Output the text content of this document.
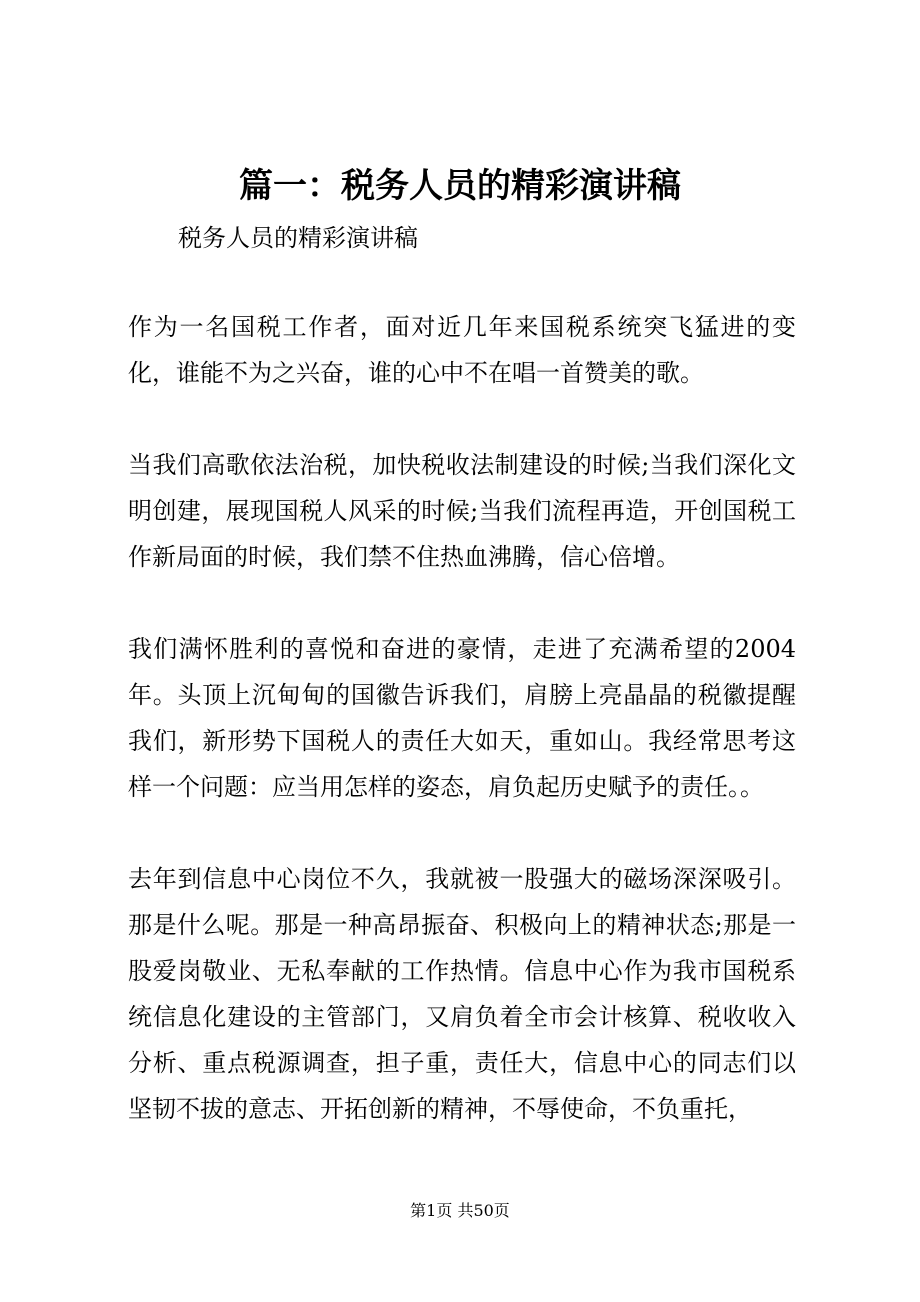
篇一：税务人员的精彩演讲稿

税务人员的精彩演讲稿

作为一名国税工作者，面对近几年来国税系统突飞猛进的变化，谁能不为之兴奋，谁的心中不在唱一首赞美的歌。

当我们高歌依法治税，加快税收法制建设的时候;当我们深化文明创建，展现国税人风采的时候;当我们流程再造，开创国税工作新局面的时候，我们禁不住热血沸腾，信心倍增。

我们满怀胜利的喜悦和奋进的豪情，走进了充满希望的2004年。头顶上沉甸甸的国徽告诉我们，肩膀上亮晶晶的税徽提醒我们，新形势下国税人的责任大如天，重如山。我经常思考这样一个问题：应当用怎样的姿态，肩负起历史赋予的责任。。

去年到信息中心岗位不久，我就被一股强大的磁场深深吸引。那是什么呢。那是一种高昂振奋、积极向上的精神状态;那是一股爱岗敬业、无私奉献的工作热情。信息中心作为我市国税系统信息化建设的主管部门，又肩负着全市会计核算、税收收入分析、重点税源调查，担子重，责任大，信息中心的同志们以坚韧不拔的意志、开拓创新的精神，不辱使命，不负重托，

第1页 共50页
